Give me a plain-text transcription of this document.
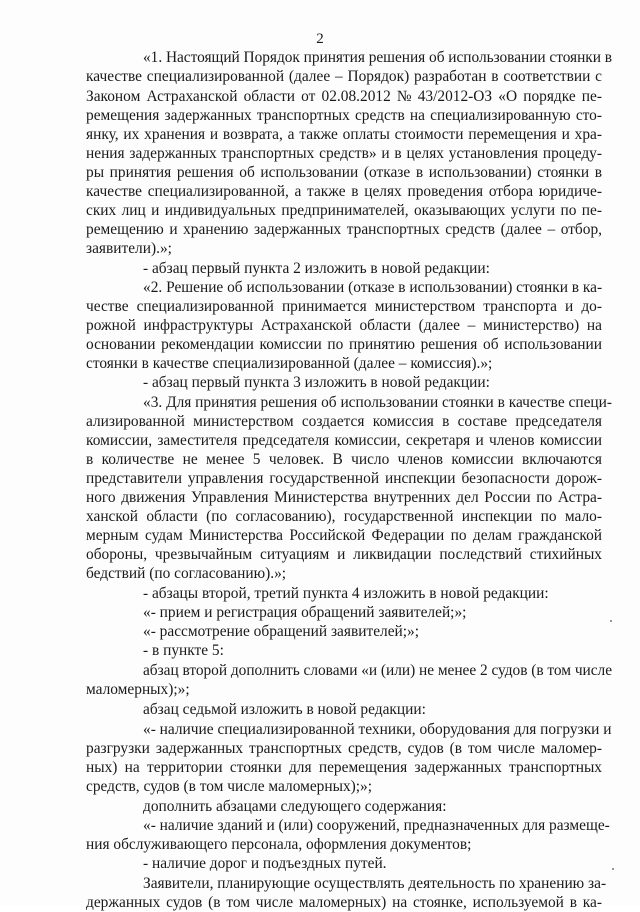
2
«1. Настоящий Порядок принятия решения об использовании стоянки в
качестве специализированной (далее – Порядок) разработан в соответствии с
Законом Астраханской области от 02.08.2012 № 43/2012-ОЗ «О порядке пе-
ремещения задержанных транспортных средств на специализированную сто-
янку, их хранения и возврата, а также оплаты стоимости перемещения и хра-
нения задержанных транспортных средств» и в целях установления процеду-
ры принятия решения об использовании (отказе в использовании) стоянки в
качестве специализированной, а также в целях проведения отбора юридиче-
ских лиц и индивидуальных предпринимателей, оказывающих услуги по пе-
ремещению и хранению задержанных транспортных средств (далее – отбор,
заявители).»;
- абзац первый пункта 2 изложить в новой редакции:
«2. Решение об использовании (отказе в использовании) стоянки в ка-
честве специализированной принимается министерством транспорта и до-
рожной инфраструктуры Астраханской области (далее – министерство) на
основании рекомендации комиссии по принятию решения об использовании
стоянки в качестве специализированной (далее – комиссия).»;
- абзац первый пункта 3 изложить в новой редакции:
«3. Для принятия решения об использовании стоянки в качестве специ-
ализированной министерством создается комиссия в составе председателя
комиссии, заместителя председателя комиссии, секретаря и членов комиссии
в количестве не менее 5 человек. В число членов комиссии включаются
представители управления государственной инспекции безопасности дорож-
ного движения Управления Министерства внутренних дел России по Астра-
ханской области (по согласованию), государственной инспекции по мало-
мерным судам Министерства Российской Федерации по делам гражданской
обороны, чрезвычайным ситуациям и ликвидации последствий стихийных
бедствий (по согласованию).»;
- абзацы второй, третий пункта 4 изложить в новой редакции:
«- прием и регистрация обращений заявителей;»;
«- рассмотрение обращений заявителей;»;
- в пункте 5:
абзац второй дополнить словами «и (или) не менее 2 судов (в том числе
маломерных);»;
абзац седьмой изложить в новой редакции:
«- наличие специализированной техники, оборудования для погрузки и
разгрузки задержанных транспортных средств, судов (в том числе маломер-
ных) на территории стоянки для перемещения задержанных транспортных
средств, судов (в том числе маломерных);»;
дополнить абзацами следующего содержания:
«- наличие зданий и (или) сооружений, предназначенных для размеще-
ния обслуживающего персонала, оформления документов;
- наличие дорог и подъездных путей.
Заявители, планирующие осуществлять деятельность по хранению за-
держанных судов (в том числе маломерных) на стоянке, используемой в ка-
